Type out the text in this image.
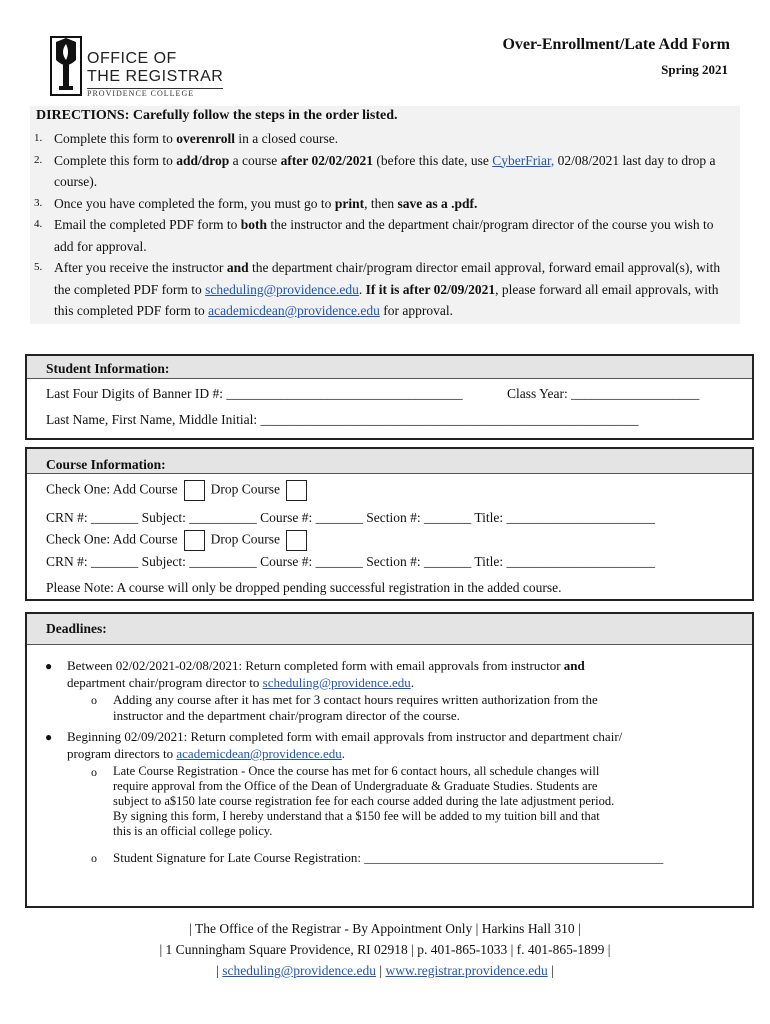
OFFICE OF
THE REGISTRAR
PROVIDENCE COLLEGE
Over-Enrollment/Late Add Form
Spring 2021
DIRECTIONS: Carefully follow the steps in the order listed.
1. Complete this form to overenroll in a closed course.
2. Complete this form to add/drop a course after 02/02/2021 (before this date, use CyberFriar, 02/08/2021 last day to drop a course).
3. Once you have completed the form, you must go to print, then save as a .pdf.
4. Email the completed PDF form to both the instructor and the department chair/program director of the course you wish to add for approval.
5. After you receive the instructor and the department chair/program director email approval, forward email approval(s), with the completed PDF form to scheduling@providence.edu. If it is after 02/09/2021, please forward all email approvals, with this completed PDF form to academicdean@providence.edu for approval.
Student Information:
Last Four Digits of Banner ID #: ___________________________________	Class Year: ___________________
Last Name, First Name, Middle Initial: ________________________________________________________
Course Information:
Check One: Add Course Drop Course
CRN #: _______ Subject: __________ Course #: _______ Section #: _______ Title: ______________________
Check One: Add Course Drop Course
CRN #: _______ Subject: __________ Course #: _______ Section #: _______ Title: ______________________
Please Note: A course will only be dropped pending successful registration in the added course.
Deadlines:
● Between 02/02/2021-02/08/2021: Return completed form with email approvals from instructor and
department chair/program director to scheduling@providence.edu.
o Adding any course after it has met for 3 contact hours requires written authorization from the
instructor and the department chair/program director of the course.
● Beginning 02/09/2021: Return completed form with email approvals from instructor and department chair/
program directors to academicdean@providence.edu.
o Late Course Registration - Once the course has met for 6 contact hours, all schedule changes will
require approval from the Office of the Dean of Undergraduate & Graduate Studies. Students are
subject to a$150 late course registration fee for each course added during the late adjustment period.
By signing this form, I hereby understand that a $150 fee will be added to my tuition bill and that
this is an official college policy.
o Student Signature for Late Course Registration: ______________________________________________
| The Office of the Registrar - By Appointment Only | Harkins Hall 310 |
| 1 Cunningham Square Providence, RI 02918 | p. 401-865-1033 | f. 401-865-1899 |
| scheduling@providence.edu | www.registrar.providence.edu |
